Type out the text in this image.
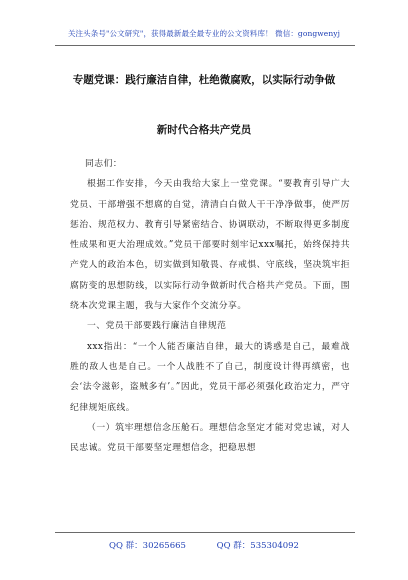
关注头条号"公文研究"，获得最新最全最专业的公文资料库！ 微信：gongwenyj
专题党课：践行廉洁自律，杜绝微腐败，以实际行动争做
新时代合格共产党员

同志们：

根据工作安排，今天由我给大家上一堂党课。“要教育引导广大党员、干部增强不想腐的自觉，清清白白做人干干净净做事，使严厉惩治、规范权力、教育引导紧密结合、协调联动，不断取得更多制度性成果和更大治理成效。”党员干部要时刻牢记xxx嘱托，始终保持共产党人的政治本色，切实做到知敬畏、存戒惧、守底线，坚决筑牢拒腐防变的思想防线，以实际行动争做新时代合格共产党员。下面，围绕本次党课主题，我与大家作个交流分享。

一、党员干部要践行廉洁自律规范

xxx指出：“一个人能否廉洁自律，最大的诱惑是自己，最难战胜的敌人也是自己。一个人战胜不了自己，制度设计得再缜密，也会‘法令滋彰，盗贼多有’。”因此，党员干部必须强化政治定力，严守纪律规矩底线。

（一）筑牢理想信念压舱石。理想信念坚定才能对党忠诚，对人民忠诚。党员干部要坚定理想信念，把稳思想

QQ 群：30265665	QQ 群：535304092
